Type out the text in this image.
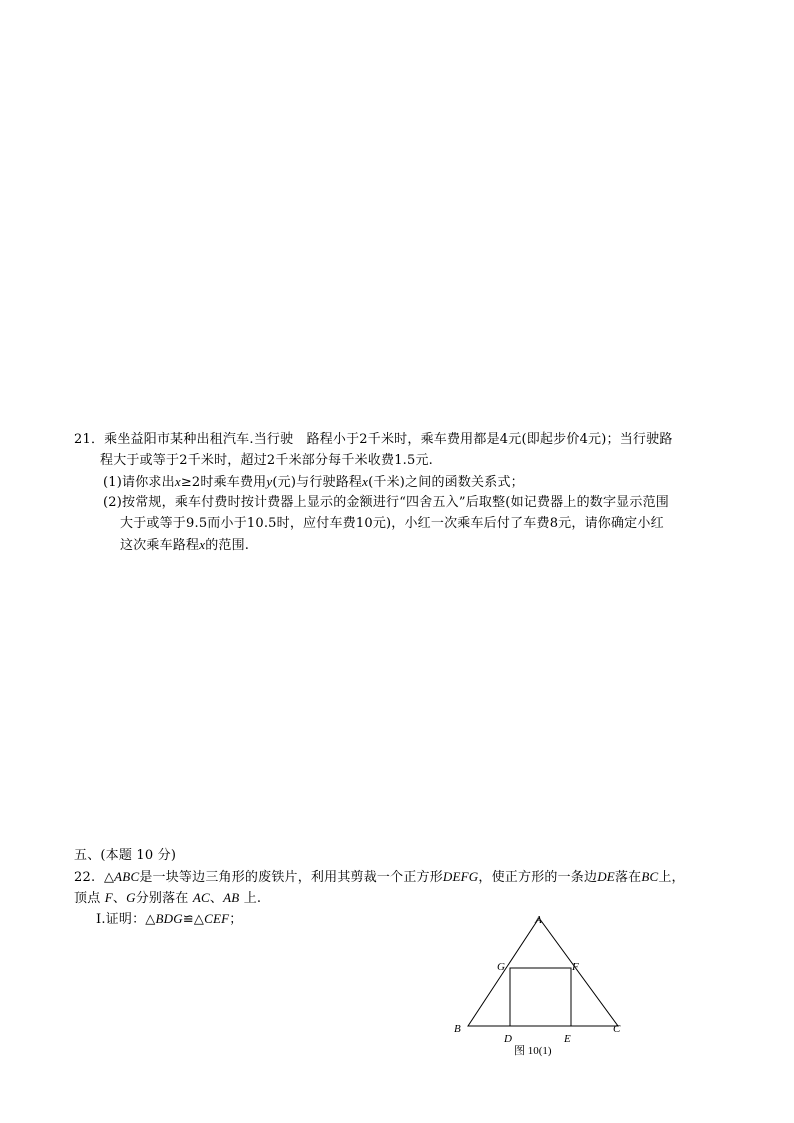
21．乘坐益阳市某种出租汽车.当行驶　路程小于2千米时，乘车费用都是4元(即起步价4元)；当行驶路
程大于或等于2千米时，超过2千米部分每千米收费1.5元.
(1)请你求出x≥2时乘车费用y(元)与行驶路程x(千米)之间的函数关系式；
(2)按常规，乘车付费时按计费器上显示的金额进行“四舍五入”后取整(如记费器上的数字显示范围
大于或等于9.5而小于10.5时，应付车费10元)，小红一次乘车后付了车费8元，请你确定小红
这次乘车路程x的范围.
五、(本题 10 分)
22. △ABC是一块等边三角形的废铁片，利用其剪裁一个正方形DEFG，使正方形的一条边DE落在BC上，
顶点 F、G分别落在 AC、AB 上.
Ⅰ.证明：△BDG≌△CEF；	A
G	F
B	C
D	E
图 10(1)
